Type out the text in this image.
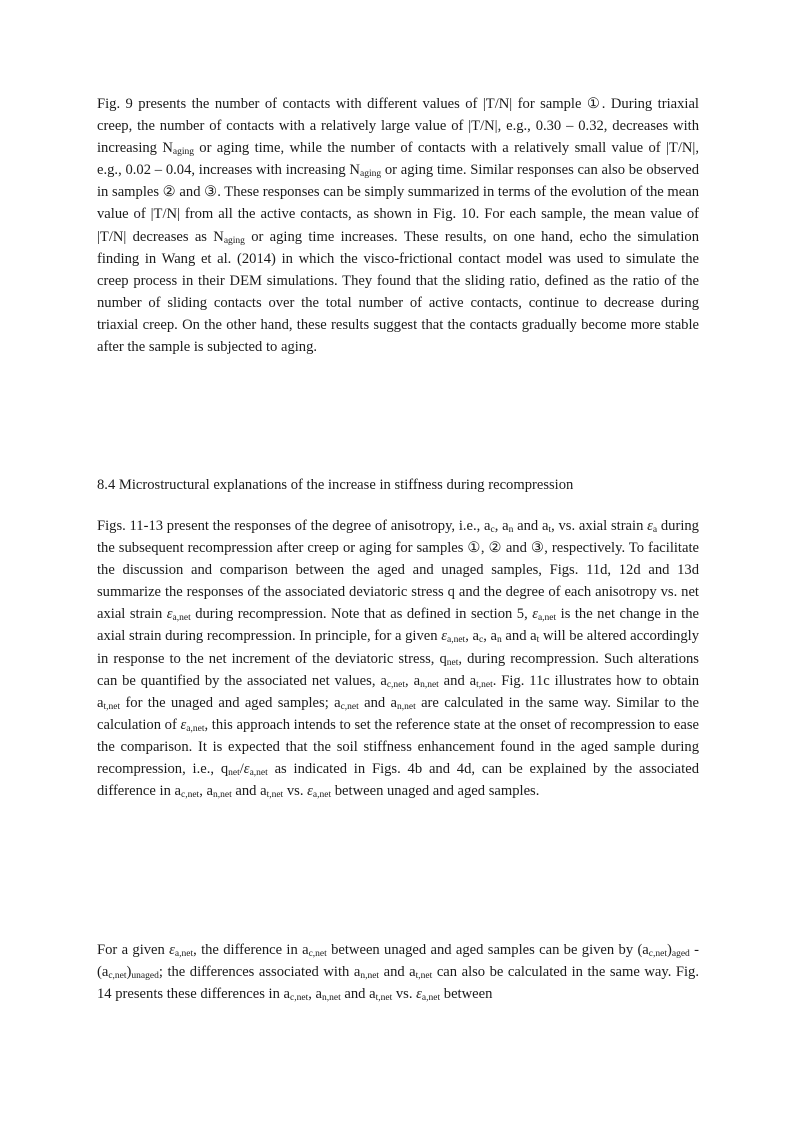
Fig. 9 presents the number of contacts with different values of |T/N| for sample ①. During triaxial creep, the number of contacts with a relatively large value of |T/N|, e.g., 0.30 – 0.32, decreases with increasing $N_{aging}$ or aging time, while the number of contacts with a relatively small value of |T/N|, e.g., 0.02 – 0.04, increases with increasing $N_{aging}$ or aging time. Similar responses can also be observed in samples ② and ③. These responses can be simply summarized in terms of the evolution of the mean value of |T/N| from all the active contacts, as shown in Fig. 10. For each sample, the mean value of |T/N| decreases as $N_{aging}$ or aging time increases. These results, on one hand, echo the simulation finding in Wang et al. (2014) in which the visco-frictional contact model was used to simulate the creep process in their DEM simulations. They found that the sliding ratio, defined as the ratio of the number of sliding contacts over the total number of active contacts, continue to decrease during triaxial creep. On the other hand, these results suggest that the contacts gradually become more stable after the sample is subjected to aging.

8.4 Microstructural explanations of the increase in stiffness during recompression

Figs. 11-13 present the responses of the degree of anisotropy, i.e., $a_c$, $a_n$ and $a_t$, vs. axial strain $\varepsilon_a$ during the subsequent recompression after creep or aging for samples ①, ② and ③, respectively. To facilitate the discussion and comparison between the aged and unaged samples, Figs. 11d, 12d and 13d summarize the responses of the associated deviatoric stress q and the degree of each anisotropy vs. net axial strain $\varepsilon_{a,net}$ during recompression. Note that as defined in section 5, $\varepsilon_{a,net}$ is the net change in the axial strain during recompression. In principle, for a given $\varepsilon_{a,net}$, $a_c$, $a_n$ and $a_t$ will be altered accordingly in response to the net increment of the deviatoric stress, $q_{net}$, during recompression. Such alterations can be quantified by the associated net values, $a_{c,net}$, $a_{n,net}$ and $a_{t,net}$. Fig. 11c illustrates how to obtain $a_{t,net}$ for the unaged and aged samples; $a_{c,net}$ and $a_{n,net}$ are calculated in the same way. Similar to the calculation of $\varepsilon_{a,net}$, this approach intends to set the reference state at the onset of recompression to ease the comparison. It is expected that the soil stiffness enhancement found in the aged sample during recompression, i.e., $q_{net}/\varepsilon_{a,net}$ as indicated in Figs. 4b and 4d, can be explained by the associated difference in $a_{c,net}$, $a_{n,net}$ and $a_{t,net}$ vs. $\varepsilon_{a,net}$ between unaged and aged samples.

For a given $\varepsilon_{a,net}$, the difference in $a_{c,net}$ between unaged and aged samples can be given by $(a_{c,net})_{aged} - (a_{c,net})_{unaged}$; the differences associated with $a_{n,net}$ and $a_{t,net}$ can also be calculated in the same way. Fig. 14 presents these differences in $a_{c,net}$, $a_{n,net}$ and $a_{t,net}$ vs. $\varepsilon_{a,net}$ between
